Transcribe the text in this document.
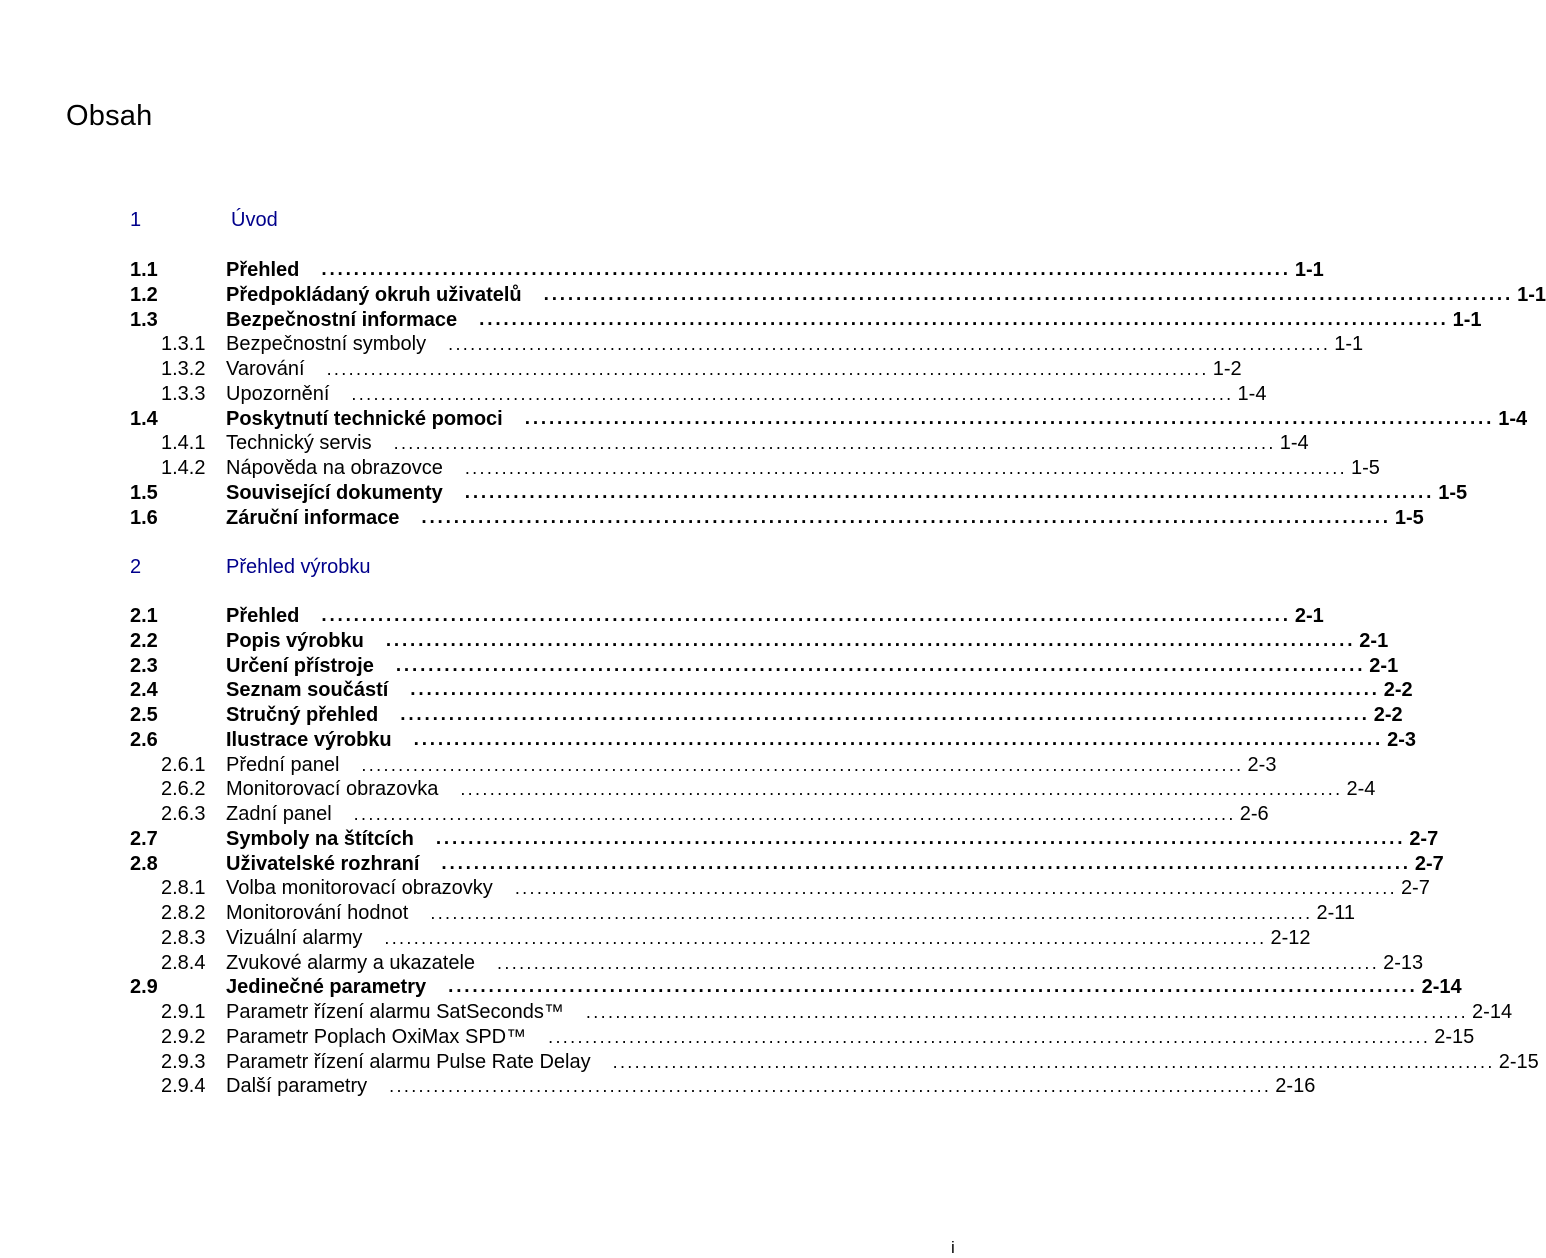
Obsah
1	Úvod
1.1	Přehled ........................................................................................................................ 1-1
1.2	Předpokládaný okruh uživatelů ........................................................................................................................ 1-1
1.3	Bezpečnostní informace ........................................................................................................................ 1-1
1.3.1 Bezpečnostní symboly ........................................................................................................................ 1-1
1.3.2 Varování ........................................................................................................................ 1-2
1.3.3 Upozornění ........................................................................................................................ 1-4
1.4	Poskytnutí technické pomoci ........................................................................................................................ 1-4
1.4.1 Technický servis ........................................................................................................................ 1-4
1.4.2 Nápověda na obrazovce ........................................................................................................................ 1-5
1.5	Související dokumenty ........................................................................................................................ 1-5
1.6	Záruční informace ........................................................................................................................ 1-5
2	Přehled výrobku
2.1	Přehled ........................................................................................................................ 2-1
2.2	Popis výrobku ........................................................................................................................ 2-1
2.3	Určení přístroje ........................................................................................................................ 2-1
2.4	Seznam součástí ........................................................................................................................ 2-2
2.5	Stručný přehled ........................................................................................................................ 2-2
2.6	Ilustrace výrobku ........................................................................................................................ 2-3
2.6.1 Přední panel ........................................................................................................................ 2-3
2.6.2 Monitorovací obrazovka ........................................................................................................................ 2-4
2.6.3 Zadní panel ........................................................................................................................ 2-6
2.7	Symboly na štítcích ........................................................................................................................ 2-7
2.8	Uživatelské rozhraní ........................................................................................................................ 2-7
2.8.1 Volba monitorovací obrazovky ........................................................................................................................ 2-7
2.8.2 Monitorování hodnot ........................................................................................................................ 2-11
2.8.3 Vizuální alarmy ........................................................................................................................ 2-12
2.8.4 Zvukové alarmy a ukazatele ........................................................................................................................ 2-13
2.9	Jedinečné parametry ........................................................................................................................ 2-14
2.9.1 Parametr řízení alarmu SatSeconds™ ........................................................................................................................ 2-14
2.9.2 Parametr Poplach OxiMax SPD™ ........................................................................................................................ 2-15
2.9.3 Parametr řízení alarmu Pulse Rate Delay ........................................................................................................................ 2-15
2.9.4 Další parametry ........................................................................................................................ 2-16
i
